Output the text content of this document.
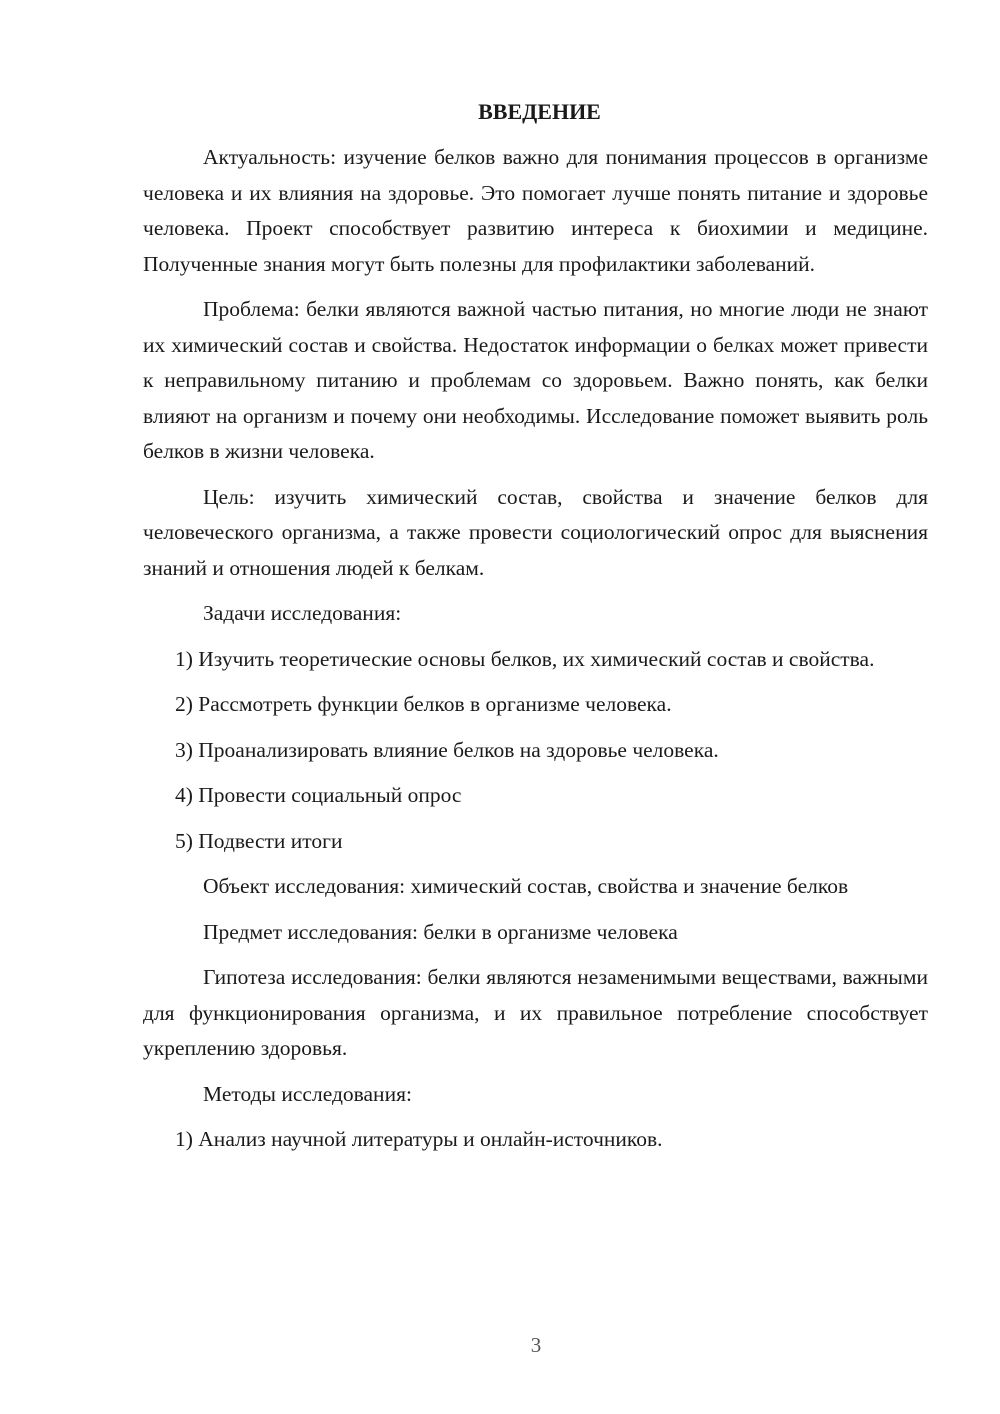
ВВЕДЕНИЕ

Актуальность: изучение белков важно для понимания процессов в организме человека и их влияния на здоровье. Это помогает лучше понять питание и здоровье человека. Проект способствует развитию интереса к биохимии и медицине. Полученные знания могут быть полезны для профилактики заболеваний.

Проблема: белки являются важной частью питания, но многие люди не знают их химический состав и свойства. Недостаток информации о белках может привести к неправильному питанию и проблемам со здоровьем. Важно понять, как белки влияют на организм и почему они необходимы. Исследование поможет выявить роль белков в жизни человека.

Цель: изучить химический состав, свойства и значение белков для человеческого организма, а также провести социологический опрос для выяснения знаний и отношения людей к белкам.

Задачи исследования:

1) Изучить теоретические основы белков, их химический состав и свойства.

2) Рассмотреть функции белков в организме человека.

3) Проанализировать влияние белков на здоровье человека.

4) Провести социальный опрос

5) Подвести итоги

Объект исследования: химический состав, свойства и значение белков

Предмет исследования: белки в организме человека

Гипотеза исследования: белки являются незаменимыми веществами, важными для функционирования организма, и их правильное потребление способствует укреплению здоровья.

Методы исследования:

1) Анализ научной литературы и онлайн-источников.

3
